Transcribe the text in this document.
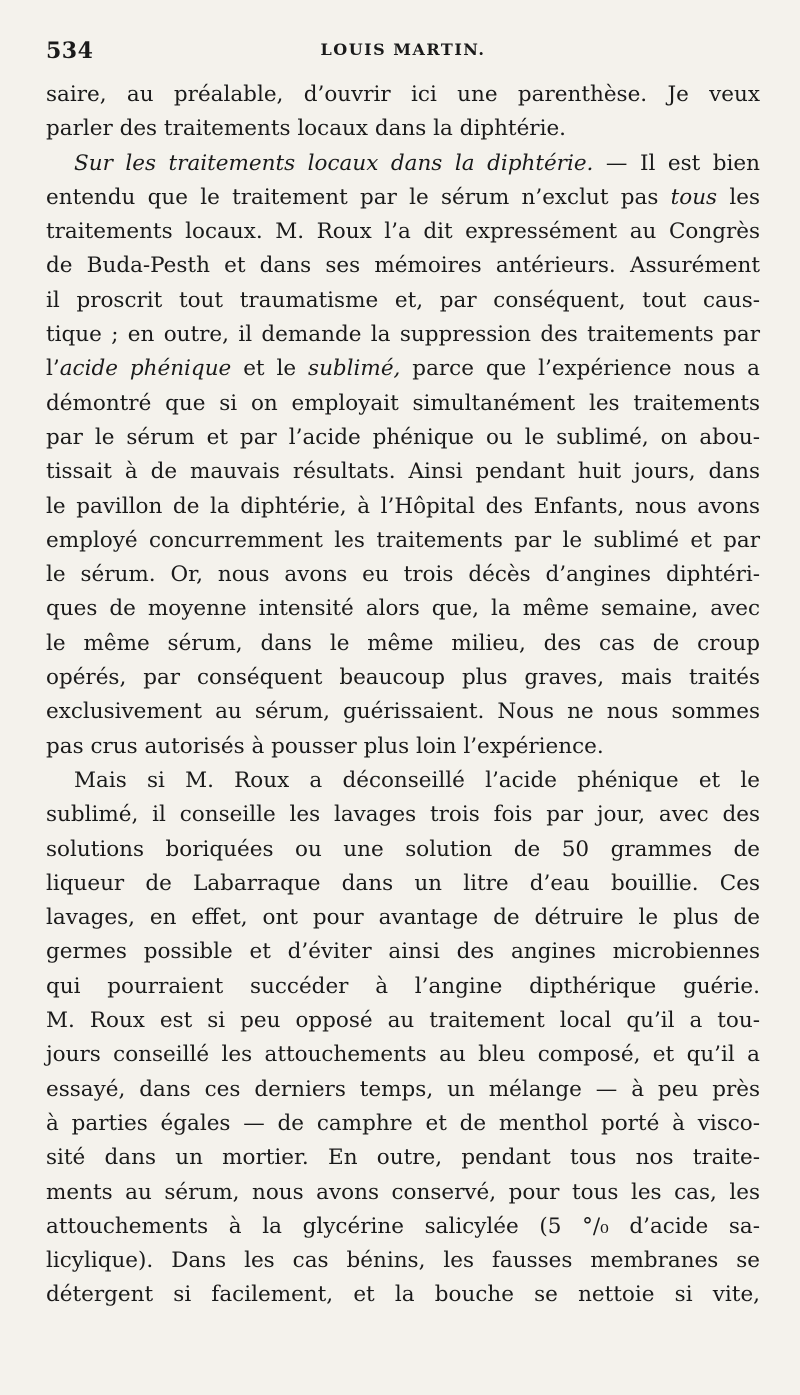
534	LOUIS MARTIN.
saire, au préalable, d’ouvrir ici une parenthèse. Je veux
parler des traitements locaux dans la diphtérie.
Sur les traitements locaux dans la diphtérie. — Il est bien
entendu que le traitement par le sérum n’exclut pas tous les
traitements locaux. M. Roux l’a dit expressément au Congrès
de Buda-Pesth et dans ses mémoires antérieurs. Assurément
il proscrit tout traumatisme et, par conséquent, tout caus-
tique ; en outre, il demande la suppression des traitements par
l’acide phénique et le sublimé, parce que l’expérience nous a
démontré que si on employait simultanément les traitements
par le sérum et par l’acide phénique ou le sublimé, on abou-
tissait à de mauvais résultats. Ainsi pendant huit jours, dans
le pavillon de la diphtérie, à l’Hôpital des Enfants, nous avons
employé concurremment les traitements par le sublimé et par
le sérum. Or, nous avons eu trois décès d’angines diphtéri-
ques de moyenne intensité alors que, la même semaine, avec
le même sérum, dans le même milieu, des cas de croup
opérés, par conséquent beaucoup plus graves, mais traités
exclusivement au sérum, guérissaient. Nous ne nous sommes
pas crus autorisés à pousser plus loin l’expérience.
Mais si M. Roux a déconseillé l’acide phénique et le
sublimé, il conseille les lavages trois fois par jour, avec des
solutions boriquées ou une solution de 50 grammes de
liqueur de Labarraque dans un litre d’eau bouillie. Ces
lavages, en effet, ont pour avantage de détruire le plus de
germes possible et d’éviter ainsi des angines microbiennes
qui pourraient succéder à l’angine dipthérique guérie.
M. Roux est si peu opposé au traitement local qu’il a tou-
jours conseillé les attouchements au bleu composé, et qu’il a
essayé, dans ces derniers temps, un mélange — à peu près
à parties égales — de camphre et de menthol porté à visco-
sité dans un mortier. En outre, pendant tous nos traite-
ments au sérum, nous avons conservé, pour tous les cas, les
attouchements à la glycérine salicylée (5 °/₀ d’acide sa-
licylique). Dans les cas bénins, les fausses membranes se
détergent si facilement, et la bouche se nettoie si vite,
